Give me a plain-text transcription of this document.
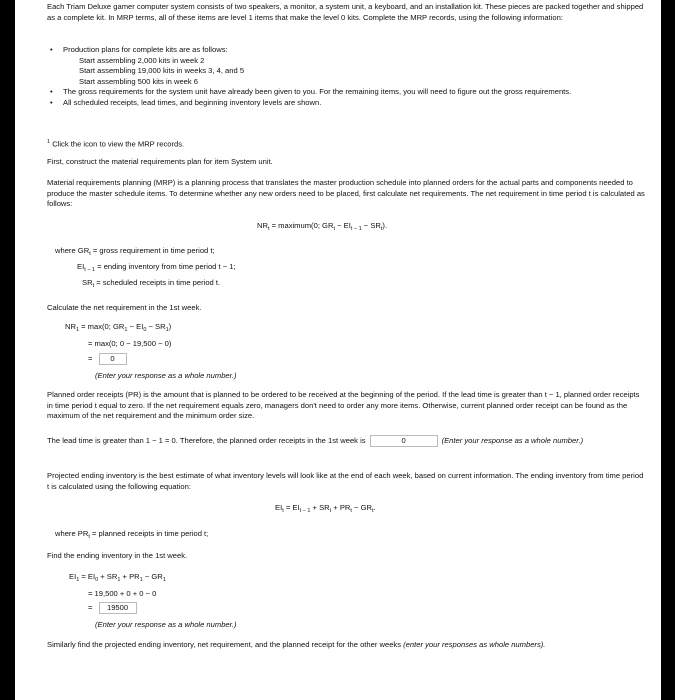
Each Triam Deluxe gamer computer system consists of two speakers, a monitor, a system unit, a keyboard, and an installation kit. These pieces are packed together and shipped as a complete kit. In MRP terms, all of these items are level 1 items that make the level 0 kits. Complete the MRP records, using the following information:

• Production plans for complete kits are as follows:
Start assembling 2,000 kits in week 2
Start assembling 19,000 kits in weeks 3, 4, and 5
Start assembling 500 kits in week 6
• The gross requirements for the system unit have already been given to you. For the remaining items, you will need to figure out the gross requirements.
• All scheduled receipts, lead times, and beginning inventory levels are shown.

$^1$ Click the icon to view the MRP records.

First, construct the material requirements plan for item System unit.

Material requirements planning (MRP) is a planning process that translates the master production schedule into planned orders for the actual parts and components needed to produce the master schedule items. To determine whether any new orders need to be placed, first calculate net requirements. The net requirement in time period t is calculated as follows:

$NR_t$ = maximum(0; $GR_t - EI_{t - 1} - SR_t$).
where $GR_t$ = gross requirement in time period t;
$EI_{t - 1}$ = ending inventory from time period t − 1;
$SR_t$ = scheduled receipts in time period t.

Calculate the net requirement in the 1st week.

$NR_1 = \max(0$; $GR_1 - EI_0 - SR_1$)
= max(0; 0 − 19,500 − 0)
= 0
(Enter your response as a whole number.)

Planned order receipts (PR) is the amount that is planned to be ordered to be received at the beginning of the period. If the lead time is greater than t − 1, planned order receipts in time period t equal to zero. If the net requirement equals zero, managers don't need to order any more items. Otherwise, current planned order receipt can be found as the maximum of the net requirement and the minimum order size.

The lead time is greater than 1 − 1 = 0. Therefore, the planned order receipts in the 1st week is	0	(Enter your response as a whole number.)

Projected ending inventory is the best estimate of what inventory levels will look like at the end of each week, based on current information. The ending inventory from time period t is calculated using the following equation:

$EI_t = EI_{t - 1} + SR_t + PR_t - GR_t$.
where $PR_t$ = planned receipts in time period t;

Find the ending inventory in the 1st week.

$EI_1 = EI_0 + SR_1 + PR_1 - GR_1$
= 19,500 + 0 + 0 − 0
= 19500
(Enter your response as a whole number.)

Similarly find the projected ending inventory, net requirement, and the planned receipt for the other weeks (enter your responses as whole numbers).
